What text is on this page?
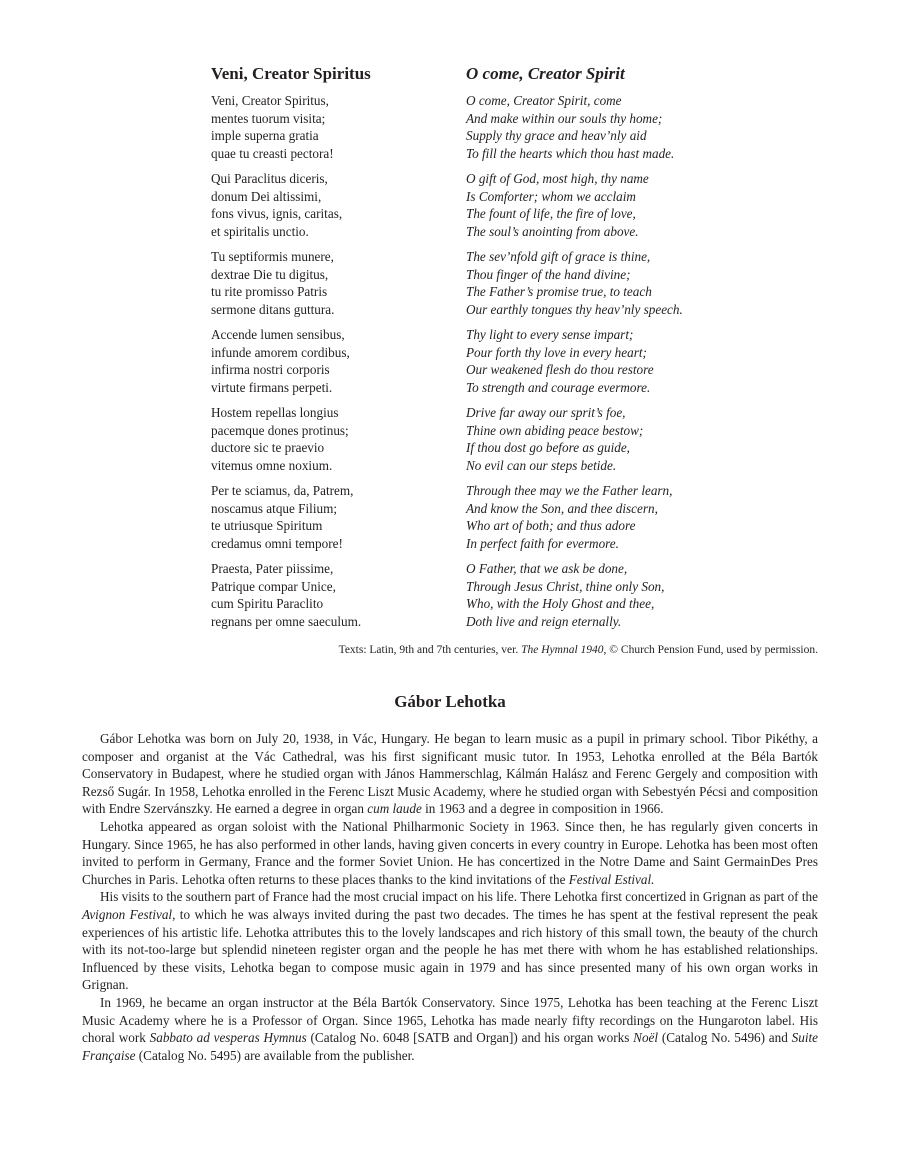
Veni, Creator Spiritus
Veni, Creator Spiritus,
mentes tuorum visita;
imple superna gratia
quae tu creasti pectora!
Qui Paraclitus diceris,
donum Dei altissimi,
fons vivus, ignis, caritas,
et spiritalis unctio.
Tu septiformis munere,
dextrae Die tu digitus,
tu rite promisso Patris
sermone ditans guttura.
Accende lumen sensibus,
infunde amorem cordibus,
infirma nostri corporis
virtute firmans perpeti.
Hostem repellas longius
pacemque dones protinus;
ductore sic te praevio
vitemus omne noxium.
Per te sciamus, da, Patrem,
noscamus atque Filium;
te utriusque Spiritum
credamus omni tempore!
Praesta, Pater piissime,
Patrique compar Unice,
cum Spiritu Paraclito
regnans per omne saeculum.
O come, Creator Spirit
O come, Creator Spirit, come
And make within our souls thy home;
Supply thy grace and heav’nly aid
To fill the hearts which thou hast made.
O gift of God, most high, thy name
Is Comforter; whom we acclaim
The fount of life, the fire of love,
The soul’s anointing from above.
The sev’nfold gift of grace is thine,
Thou finger of the hand divine;
The Father’s promise true, to teach
Our earthly tongues thy heav’nly speech.
Thy light to every sense impart;
Pour forth thy love in every heart;
Our weakened flesh do thou restore
To strength and courage evermore.
Drive far away our sprit’s foe,
Thine own abiding peace bestow;
If thou dost go before as guide,
No evil can our steps betide.
Through thee may we the Father learn,
And know the Son, and thee discern,
Who art of both; and thus adore
In perfect faith for evermore.
O Father, that we ask be done,
Through Jesus Christ, thine only Son,
Who, with the Holy Ghost and thee,
Doth live and reign eternally.
Texts: Latin, 9th and 7th centuries, ver. The Hymnal 1940, © Church Pension Fund, used by permission.
Gábor Lehotka

Gábor Lehotka was born on July 20, 1938, in Vác, Hungary. He began to learn music as a pupil in primary school. Tibor Pikéthy, a composer and organist at the Vác Cathedral, was his first significant music tutor. In 1953, Lehotka enrolled at the Béla Bartók Conservatory in Budapest, where he studied organ with János Hammerschlag, Kálmán Halász and Ferenc Gergely and composition with Rezső Sugár. In 1958, Lehotka enrolled in the Ferenc Liszt Music Academy, where he studied organ with Sebestyén Pécsi and composition with Endre Szervánszky. He earned a degree in organ cum laude in 1963 and a degree in composition in 1966.

Lehotka appeared as organ soloist with the National Philharmonic Society in 1963. Since then, he has regularly given concerts in Hungary. Since 1965, he has also performed in other lands, having given concerts in every country in Europe. Lehotka has been most often invited to perform in Germany, France and the former Soviet Union. He has concertized in the Notre Dame and Saint GermainDes Pres Churches in Paris. Lehotka often returns to these places thanks to the kind invitations of the Festival Estival.

His visits to the southern part of France had the most crucial impact on his life. There Lehotka first concertized in Grignan as part of the Avignon Festival, to which he was always invited during the past two decades. The times he has spent at the festival represent the peak experiences of his artistic life. Lehotka attributes this to the lovely landscapes and rich history of this small town, the beauty of the church with its not-too-large but splendid nineteen register organ and the people he has met there with whom he has established relationships. Influenced by these visits, Lehotka began to compose music again in 1979 and has since presented many of his own organ works in Grignan.

In 1969, he became an organ instructor at the Béla Bartók Conservatory. Since 1975, Lehotka has been teaching at the Ferenc Liszt Music Academy where he is a Professor of Organ. Since 1965, Lehotka has made nearly fifty recordings on the Hungaroton label. His choral work Sabbato ad vesperas Hymnus (Catalog No. 6048 [SATB and Organ]) and his organ works Noël (Catalog No. 5496) and Suite Française (Catalog No. 5495) are available from the publisher.
